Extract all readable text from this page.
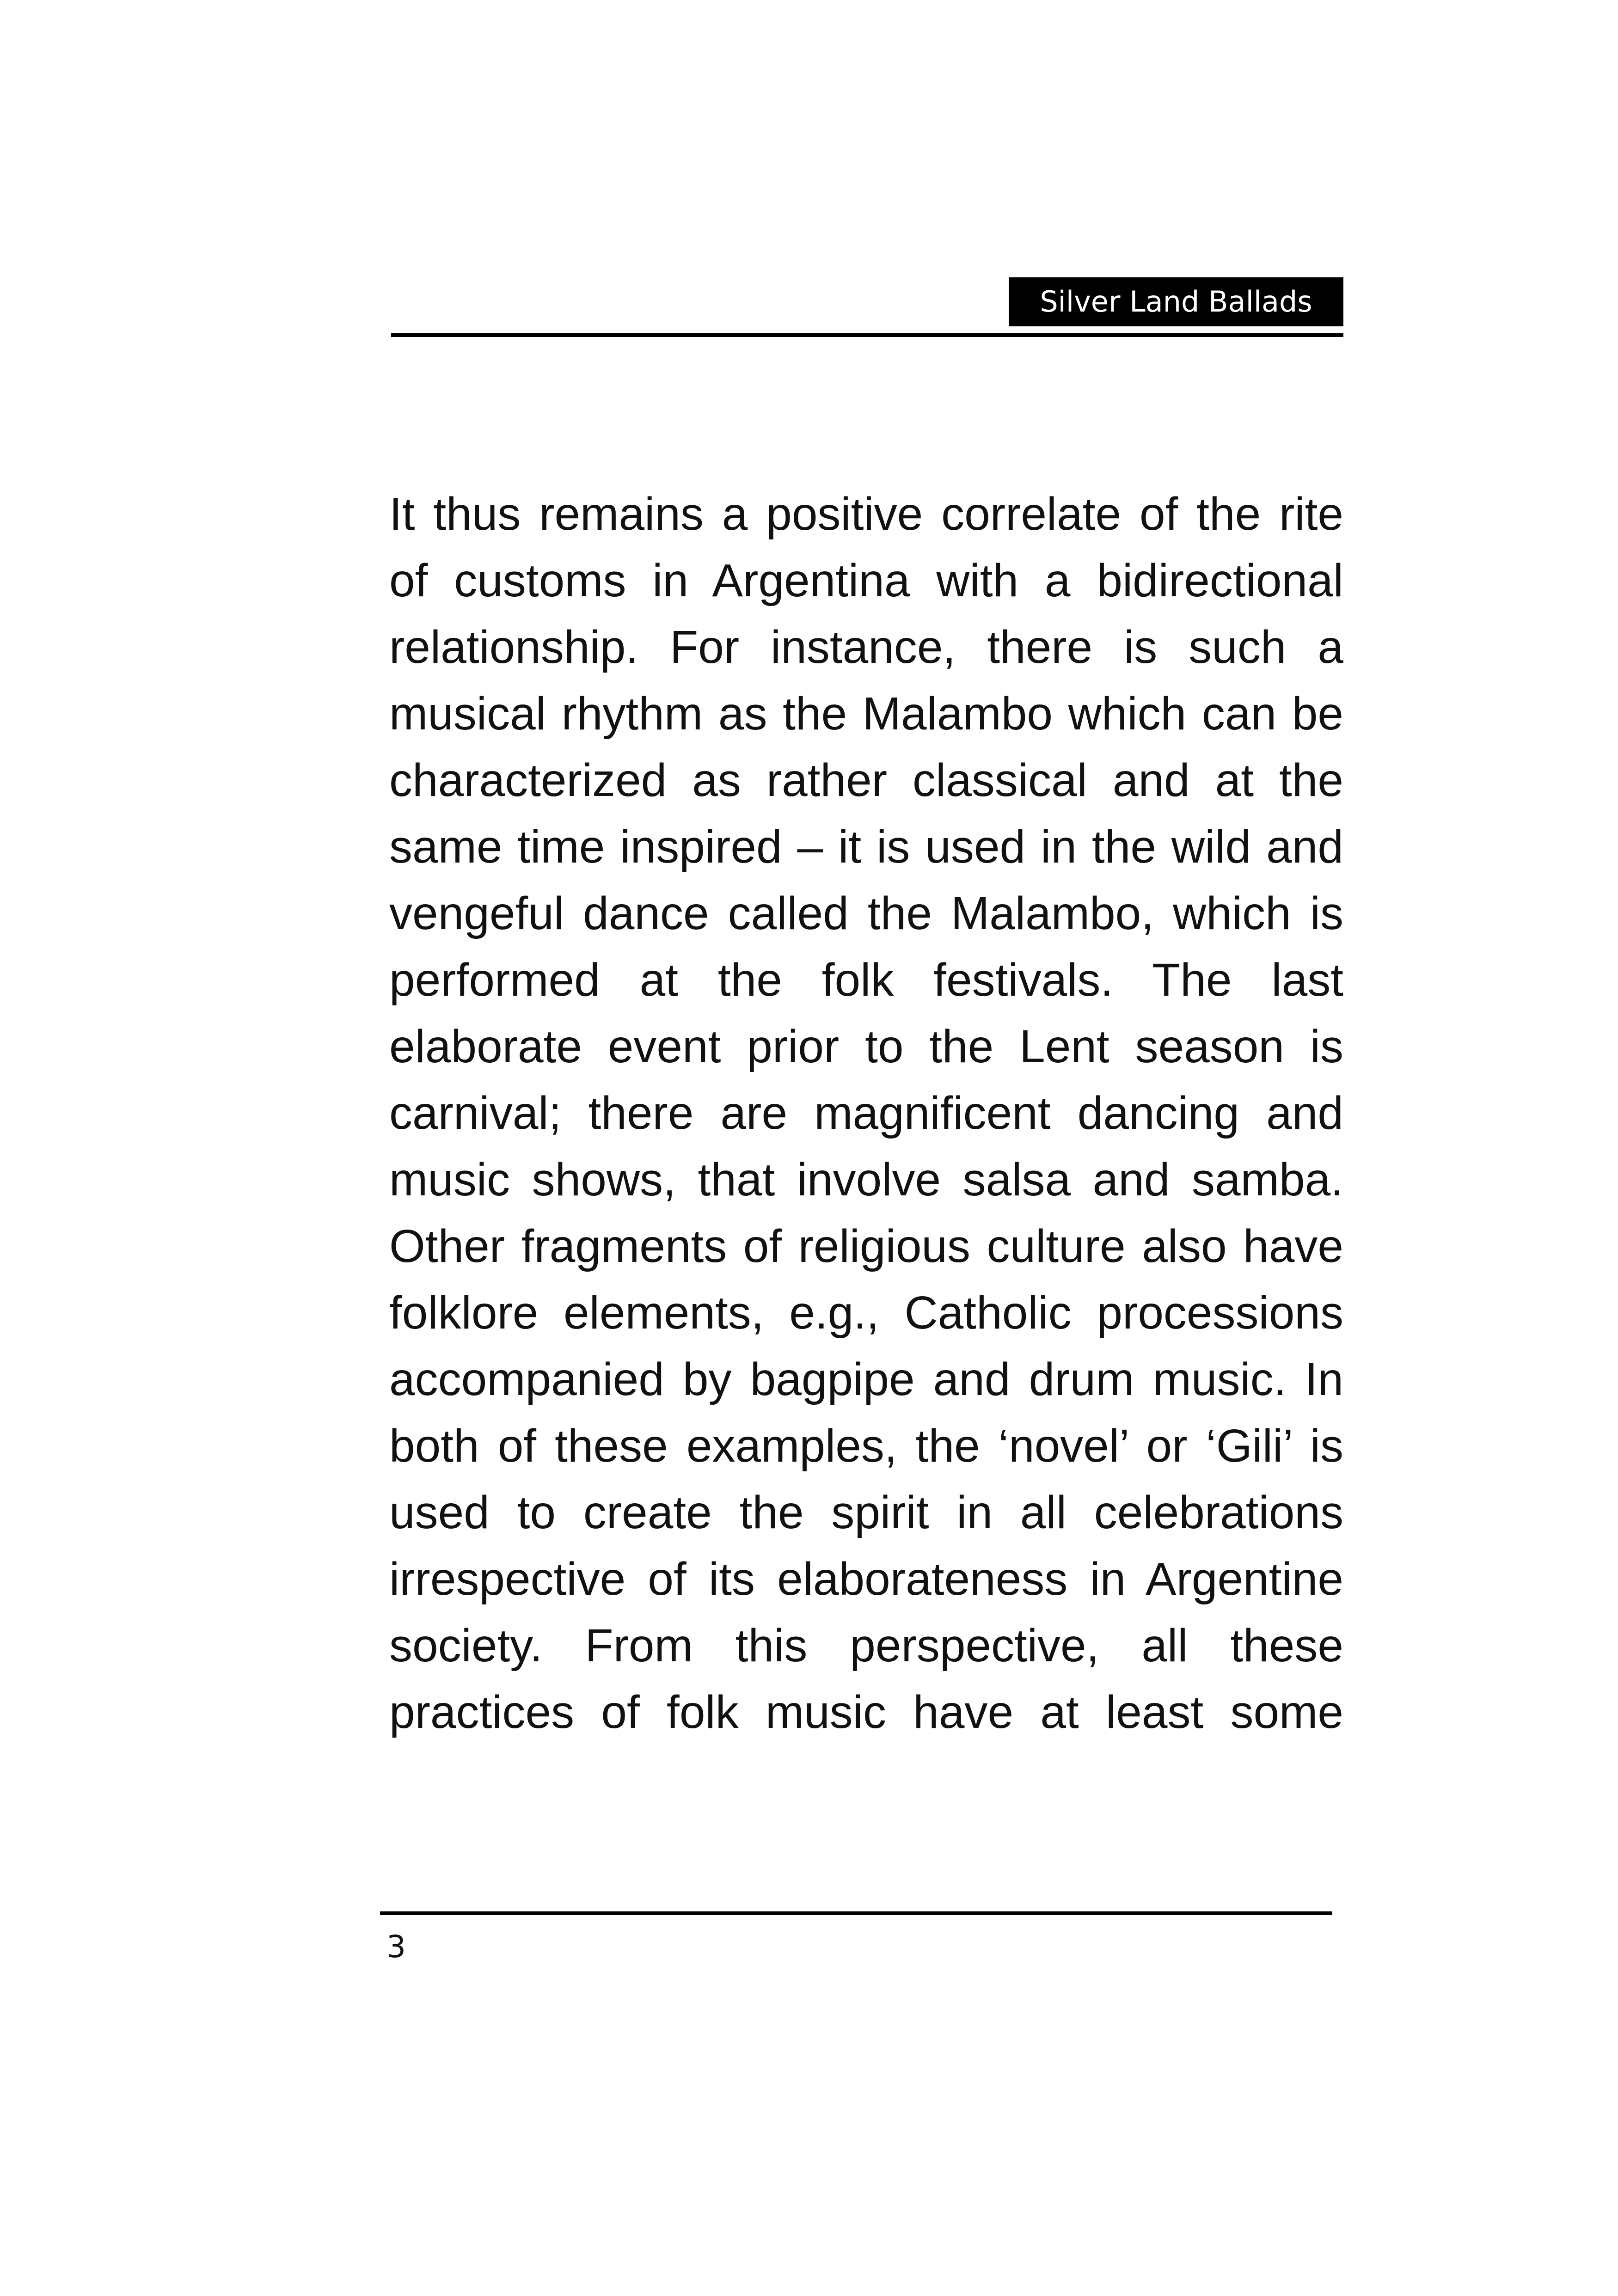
Silver Land Ballads
It thus remains a positive correlate of the rite
of customs in Argentina with a bidirectional
relationship. For instance, there is such a
musical rhythm as the Malambo which can be
characterized as rather classical and at the
same time inspired – it is used in the wild and
vengeful dance called the Malambo, which is
performed at the folk festivals. The last
elaborate event prior to the Lent season is
carnival; there are magnificent dancing and
music shows, that involve salsa and samba.
Other fragments of religious culture also have
folklore elements, e.g., Catholic processions
accompanied by bagpipe and drum music. In
both of these examples, the ‘novel’ or ‘Gili’ is
used to create the spirit in all celebrations
irrespective of its elaborateness in Argentine
society. From this perspective, all these
practices of folk music have at least some
3
